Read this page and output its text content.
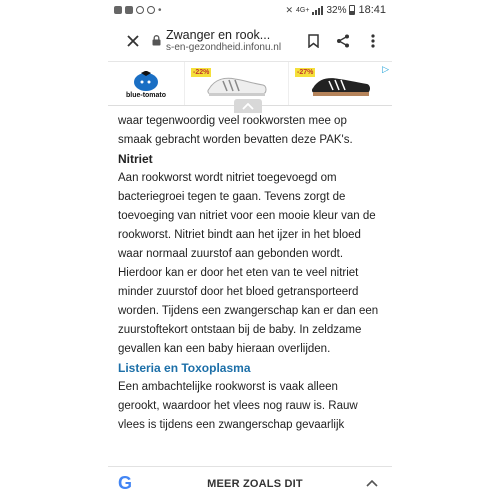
•	✕ 4G+ 32% 18:41
Zwanger en rook...
s-en-gezondheid.infonu.nl
blue-tomato
-22%	-27%	▷

waar tegenwoordig veel rookworsten mee op smaak gebracht worden bevatten deze PAK's.

Nitriet

Aan rookworst wordt nitriet toegevoegd om bacteriegroei tegen te gaan. Tevens zorgt de toevoeging van nitriet voor een mooie kleur van de rookworst. Nitriet bindt aan het ijzer in het bloed waar normaal zuurstof aan gebonden wordt. Hierdoor kan er door het eten van te veel nitriet minder zuurstof door het bloed getransporteerd worden. Tijdens een zwangerschap kan er dan een zuurstoftekort ontstaan bij de baby. In zeldzame gevallen kan een baby hieraan overlijden.

Listeria en Toxoplasma

Een ambachtelijke rookworst is vaak alleen gerookt, waardoor het vlees nog rauw is. Rauw vlees is tijdens een zwangerschap gevaarlijk

G	MEER ZOALS DIT
